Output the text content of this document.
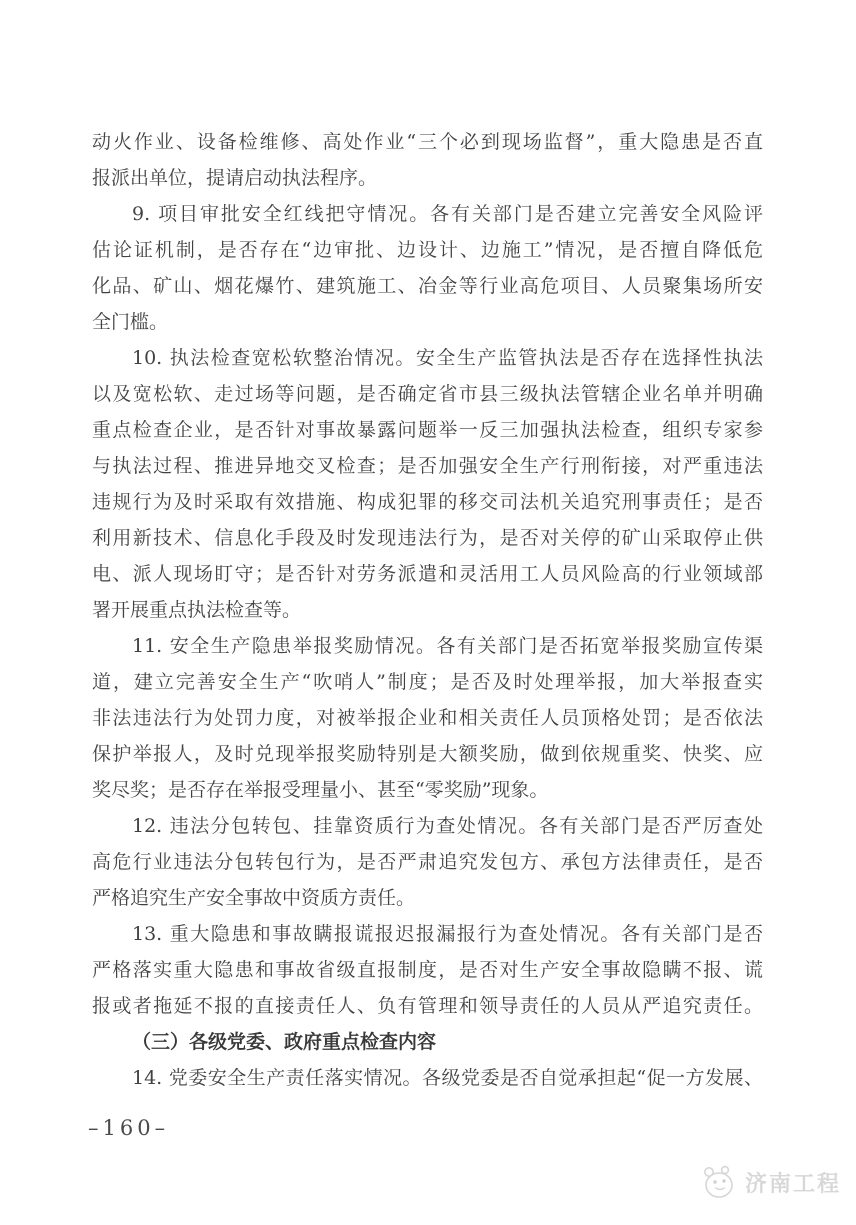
动火作业、设备检维修、高处作业“三个必到现场监督”，重大隐患是否直
报派出单位，提请启动执法程序。
9. 项目审批安全红线把守情况。各有关部门是否建立完善安全风险评
估论证机制，是否存在“边审批、边设计、边施工”情况，是否擅自降低危
化品、矿山、烟花爆竹、建筑施工、冶金等行业高危项目、人员聚集场所安
全门槛。
10. 执法检查宽松软整治情况。安全生产监管执法是否存在选择性执法
以及宽松软、走过场等问题，是否确定省市县三级执法管辖企业名单并明确
重点检查企业，是否针对事故暴露问题举一反三加强执法检查，组织专家参
与执法过程、推进异地交叉检查；是否加强安全生产行刑衔接，对严重违法
违规行为及时采取有效措施、构成犯罪的移交司法机关追究刑事责任；是否
利用新技术、信息化手段及时发现违法行为，是否对关停的矿山采取停止供
电、派人现场盯守；是否针对劳务派遣和灵活用工人员风险高的行业领域部
署开展重点执法检查等。
11. 安全生产隐患举报奖励情况。各有关部门是否拓宽举报奖励宣传渠
道，建立完善安全生产“吹哨人”制度；是否及时处理举报，加大举报查实
非法违法行为处罚力度，对被举报企业和相关责任人员顶格处罚；是否依法
保护举报人，及时兑现举报奖励特别是大额奖励，做到依规重奖、快奖、应
奖尽奖；是否存在举报受理量小、甚至“零奖励”现象。
12. 违法分包转包、挂靠资质行为查处情况。各有关部门是否严厉查处
高危行业违法分包转包行为，是否严肃追究发包方、承包方法律责任，是否
严格追究生产安全事故中资质方责任。
13. 重大隐患和事故瞒报谎报迟报漏报行为查处情况。各有关部门是否
严格落实重大隐患和事故省级直报制度，是否对生产安全事故隐瞒不报、谎
报或者拖延不报的直接责任人、负有管理和领导责任的人员从严追究责任。
（三）各级党委、政府重点检查内容
14. 党委安全生产责任落实情况。各级党委是否自觉承担起“促一方发展、
–160–
济南工程
